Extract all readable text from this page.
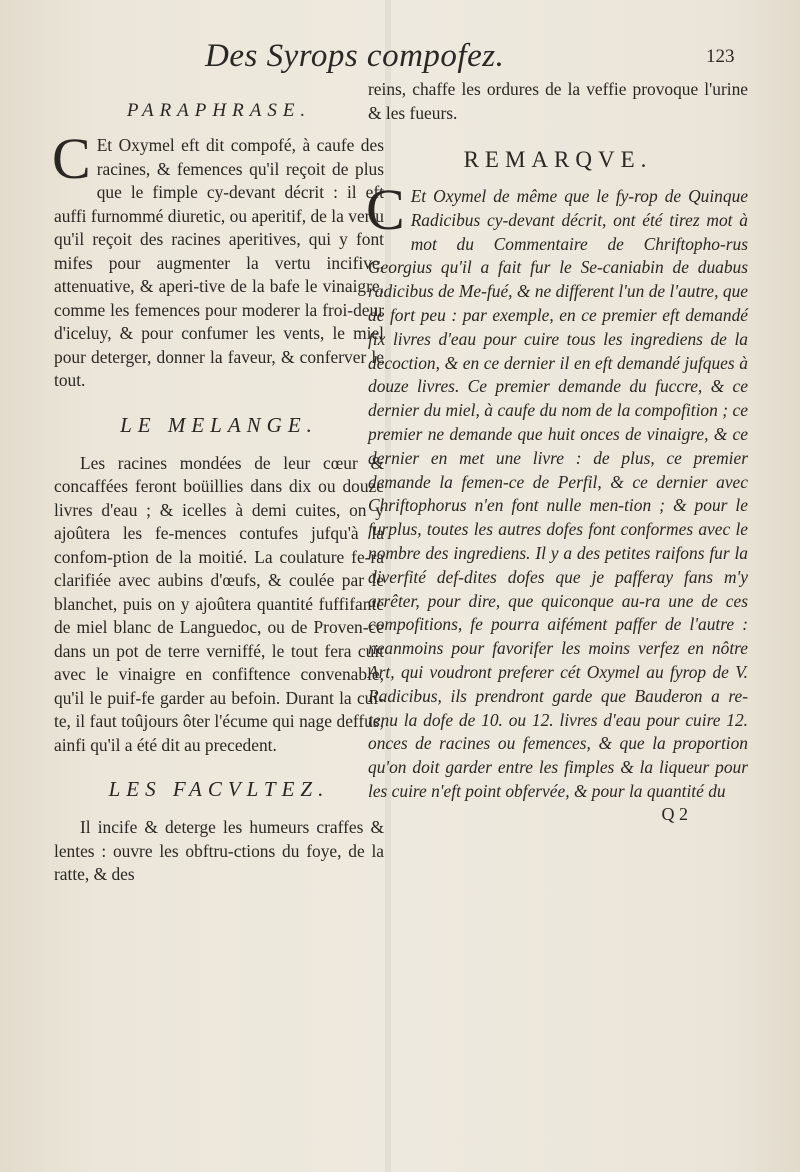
Des Syrops compofez.	123

PARAPHRASE.

C Et Oxymel eft dit compofé, à caufe des racines, & femences qu'il reçoit de plus que le fimple cy-devant décrit : il eft auffi furnommé diuretic, ou aperitif, de la vertu qu'il reçoit des racines aperitives, qui y font mifes pour augmenter la vertu incifive, attenuative, & aperi-tive de la bafe le vinaigre, comme les femences pour moderer la froi-deur d'iceluy, & pour confumer les vents, le miel pour deterger, donner la faveur, & conferver le tout.

LE MELANGE.

Les racines mondées de leur cœur & concaffées feront boüillies dans dix ou douze livres d'eau ; & icelles à demi cuites, on y ajoûtera les fe-mences contufes jufqu'à la confom-ption de la moitié. La coulature fe-ra clarifiée avec aubins d'œufs, & coulée par le blanchet, puis on y ajoûtera quantité fuffifante de miel blanc de Languedoc, ou de Proven-ce dans un pot de terre verniffé, le tout fera cuit avec le vinaigre en confiftence convenable, qu'il le puif-fe garder au befoin. Durant la cui-te, il faut toûjours ôter l'écume qui nage deffus, ainfi qu'il a été dit au precedent.

LES FACVLTEZ.

Il incife & deterge les humeurs craffes & lentes : ouvre les obftru-ctions du foye, de la ratte, & des

reins, chaffe les ordures de la veffie provoque l'urine & les fueurs.

REMARQVE.

C Et Oxymel de même que le fy-rop de Quinque Radicibus cy-devant décrit, ont été tirez mot à mot du Commentaire de Chriftopho-rus Georgius qu'il a fait fur le Se-caniabin de duabus radicibus de Me-fué, & ne different l'un de l'autre, que de fort peu : par exemple, en ce premier eft demandé fix livres d'eau pour cuire tous les ingrediens de la decoction, & en ce dernier il en eft demandé jufques à douze livres. Ce premier demande du fuccre, & ce dernier du miel, à caufe du nom de la compofition ; ce premier ne demande que huit onces de vinaigre, & ce dernier en met une livre : de plus, ce premier demande la femen-ce de Perfil, & ce dernier avec Chriftophorus n'en font nulle men-tion ; & pour le furplus, toutes les autres dofes font conformes avec le nombre des ingrediens. Il y a des petites raifons fur la diverfité def-dites dofes que je pafferay fans m'y arrêter, pour dire, que quiconque au-ra une de ces compofitions, fe pourra aifément paffer de l'autre : neanmoins pour favorifer les moins verfez en nôtre Art, qui voudront preferer cét Oxymel au fyrop de V. Radicibus, ils prendront garde que Bauderon a re-tenu la dofe de 10. ou 12. livres d'eau pour cuire 12. onces de racines ou femences, & que la proportion qu'on doit garder entre les fimples & la liqueur pour les cuire n'eft point obfervée, & pour la quantité du

Q 2
